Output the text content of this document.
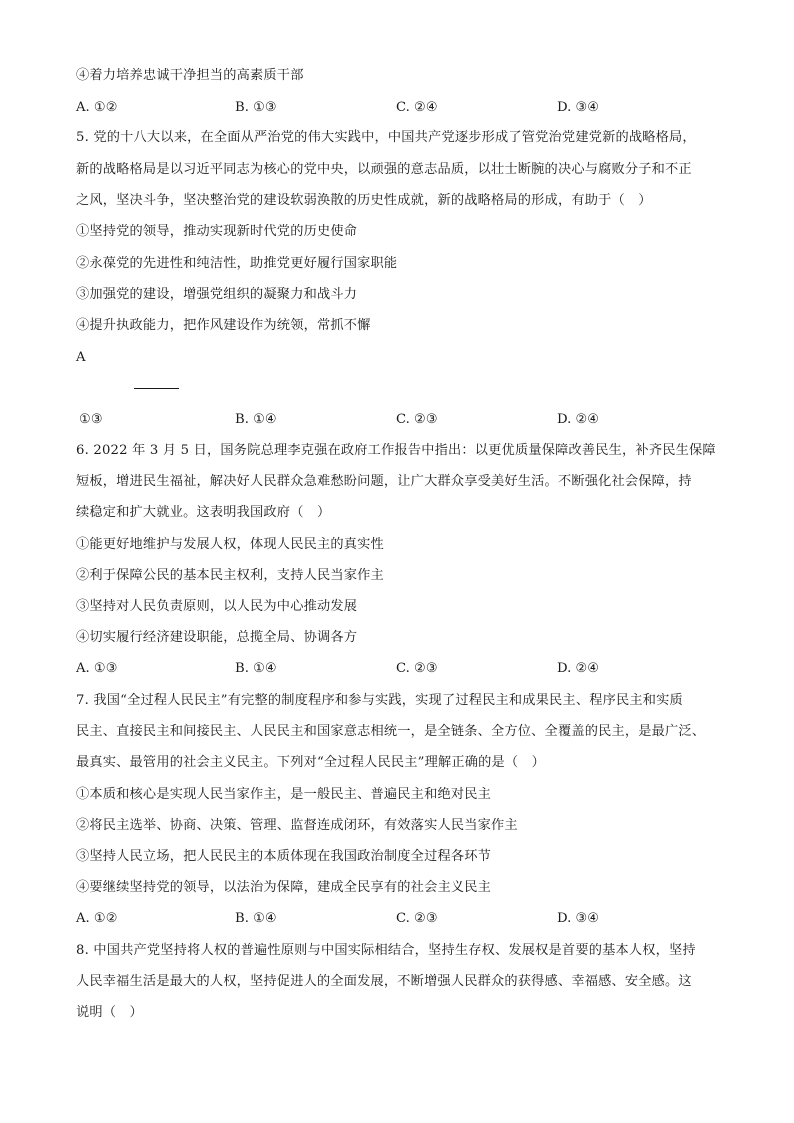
④着力培养忠诚干净担当的高素质干部
A. ①②	B. ①③	C. ②④	D. ③④
5. 党的十八大以来，在全面从严治党的伟大实践中，中国共产党逐步形成了管党治党建党新的战略格局，
新的战略格局是以习近平同志为核心的党中央，以顽强的意志品质，以壮士断腕的决心与腐败分子和不正
之风，坚决斗争，坚决整治党的建设软弱涣散的历史性成就，新的战略格局的形成，有助于（　）
①坚持党的领导，推动实现新时代党的历史使命
②永葆党的先进性和纯洁性，助推党更好履行国家职能
③加强党的建设，增强党组织的凝聚力和战斗力
④提升执政能力，把作风建设作为统领，常抓不懈
A
①③	B. ①④	C. ②③	D. ②④
6. 2022 年 3 月 5 日，国务院总理李克强在政府工作报告中指出：以更优质量保障改善民生，补齐民生保障
短板，增进民生福祉，解决好人民群众急难愁盼问题，让广大群众享受美好生活。不断强化社会保障，持
续稳定和扩大就业。这表明我国政府（　）
①能更好地维护与发展人权，体现人民民主的真实性
②利于保障公民的基本民主权利，支持人民当家作主
③坚持对人民负责原则，以人民为中心推动发展
④切实履行经济建设职能，总揽全局、协调各方
A. ①③	B. ①④	C. ②③	D. ②④
7. 我国“全过程人民民主”有完整的制度程序和参与实践，实现了过程民主和成果民主、程序民主和实质
民主、直接民主和间接民主、人民民主和国家意志相统一，是全链条、全方位、全覆盖的民主，是最广泛、
最真实、最管用的社会主义民主。下列对“全过程人民民主”理解正确的是（　）
①本质和核心是实现人民当家作主，是一般民主、普遍民主和绝对民主
②将民主选举、协商、决策、管理、监督连成闭环，有效落实人民当家作主
③坚持人民立场，把人民民主的本质体现在我国政治制度全过程各环节
④要继续坚持党的领导，以法治为保障，建成全民享有的社会主义民主
A. ①②	B. ①④	C. ②③	D. ③④
8. 中国共产党坚持将人权的普遍性原则与中国实际相结合，坚持生存权、发展权是首要的基本人权，坚持
人民幸福生活是最大的人权，坚持促进人的全面发展，不断增强人民群众的获得感、幸福感、安全感。这
说明（　）
